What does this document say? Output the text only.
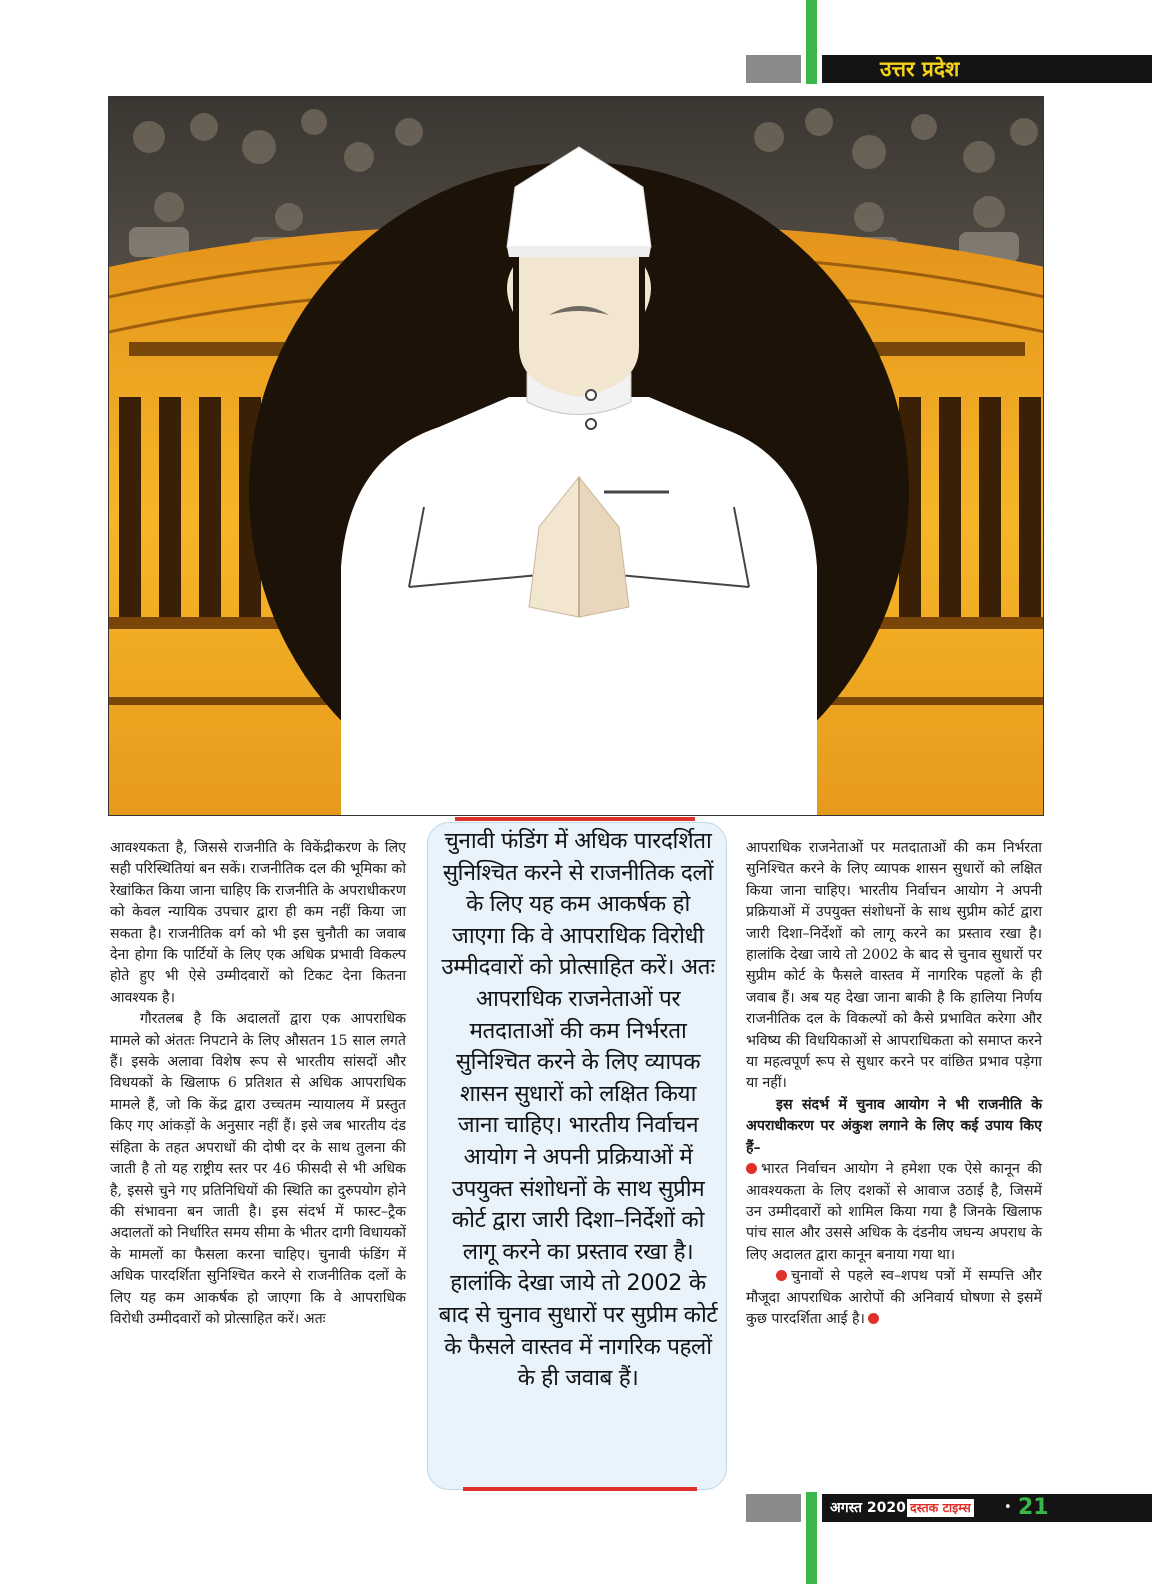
उत्तर प्रदेश

आवश्यकता है, जिससे राजनीति के विकेंद्रीकरण के लिए सही परिस्थितियां बन सकें। राजनीतिक दल की भूमिका को रेखांकित किया जाना चाहिए कि राजनीति के अपराधीकरण को केवल न्यायिक उपचार द्वारा ही कम नहीं किया जा सकता है। राजनीतिक वर्ग को भी इस चुनौती का जवाब देना होगा कि पार्टियों के लिए एक अधिक प्रभावी विकल्प होते हुए भी ऐसे उम्मीदवारों को टिकट देना कितना आवश्यक है।

गौरतलब है कि अदालतों द्वारा एक आपराधिक मामले को अंततः निपटाने के लिए औसतन 15 साल लगते हैं। इसके अलावा विशेष रूप से भारतीय सांसदों और विधयकों के खिलाफ 6 प्रतिशत से अधिक आपराधिक मामले हैं, जो कि केंद्र द्वारा उच्चतम न्यायालय में प्रस्तुत किए गए आंकड़ों के अनुसार नहीं हैं। इसे जब भारतीय दंड संहिता के तहत अपराधों की दोषी दर के साथ तुलना की जाती है तो यह राष्ट्रीय स्तर पर 46 फीसदी से भी अधिक है, इससे चुने गए प्रतिनिधियों की स्थिति का दुरुपयोग होने की संभावना बन जाती है। इस संदर्भ में फास्ट–ट्रैक अदालतों को निर्धारित समय सीमा के भीतर दागी विधायकों के मामलों का फैसला करना चाहिए। चुनावी फंडिंग में अधिक पारदर्शिता सुनिश्चित करने से राजनीतिक दलों के लिए यह कम आकर्षक हो जाएगा कि वे आपराधिक विरोधी उम्मीदवारों को प्रोत्साहित करें। अतः

चुनावी फंडिंग में अधिक पारदर्शिता सुनिश्चित करने से राजनीतिक दलों के लिए यह कम आकर्षक हो जाएगा कि वे आपराधिक विरोधी उम्मीदवारों को प्रोत्साहित करें। अतः आपराधिक राजनेताओं पर मतदाताओं की कम निर्भरता सुनिश्चित करने के लिए व्यापक शासन सुधारों को लक्षित किया जाना चाहिए। भारतीय निर्वाचन आयोग ने अपनी प्रक्रियाओं में उपयुक्त संशोधनों के साथ सुप्रीम कोर्ट द्वारा जारी दिशा–निर्देशों को लागू करने का प्रस्ताव रखा है। हालांकि देखा जाये तो 2002 के बाद से चुनाव सुधारों पर सुप्रीम कोर्ट के फैसले वास्तव में नागरिक पहलों के ही जवाब हैं।

आपराधिक राजनेताओं पर मतदाताओं की कम निर्भरता सुनिश्चित करने के लिए व्यापक शासन सुधारों को लक्षित किया जाना चाहिए। भारतीय निर्वाचन आयोग ने अपनी प्रक्रियाओं में उपयुक्त संशोधनों के साथ सुप्रीम कोर्ट द्वारा जारी दिशा–निर्देशों को लागू करने का प्रस्ताव रखा है। हालांकि देखा जाये तो 2002 के बाद से चुनाव सुधारों पर सुप्रीम कोर्ट के फैसले वास्तव में नागरिक पहलों के ही जवाब हैं। अब यह देखा जाना बाकी है कि हालिया निर्णय राजनीतिक दल के विकल्पों को कैसे प्रभावित करेगा और भविष्य की विधयिकाओं से आपराधिकता को समाप्त करने या महत्वपूर्ण रूप से सुधार करने पर वांछित प्रभाव पड़ेगा या नहीं।

इस संदर्भ में चुनाव आयोग ने भी राजनीति के अपराधीकरण पर अंकुश लगाने के लिए कई उपाय किए हैं–

भारत निर्वाचन आयोग ने हमेशा एक ऐसे कानून की आवश्यकता के लिए दशकों से आवाज उठाई है, जिसमें उन उम्मीदवारों को शामिल किया गया है जिनके खिलाफ पांच साल और उससे अधिक के दंडनीय जघन्य अपराध के लिए अदालत द्वारा कानून बनाया गया था।

चुनावों से पहले स्व–शपथ पत्रों में सम्पत्ति और मौजूदा आपराधिक आरोपों की अनिवार्य घोषणा से इसमें कुछ पारदर्शिता आई है।

अगस्त 2020 दस्तक टाइम्स	• 21
